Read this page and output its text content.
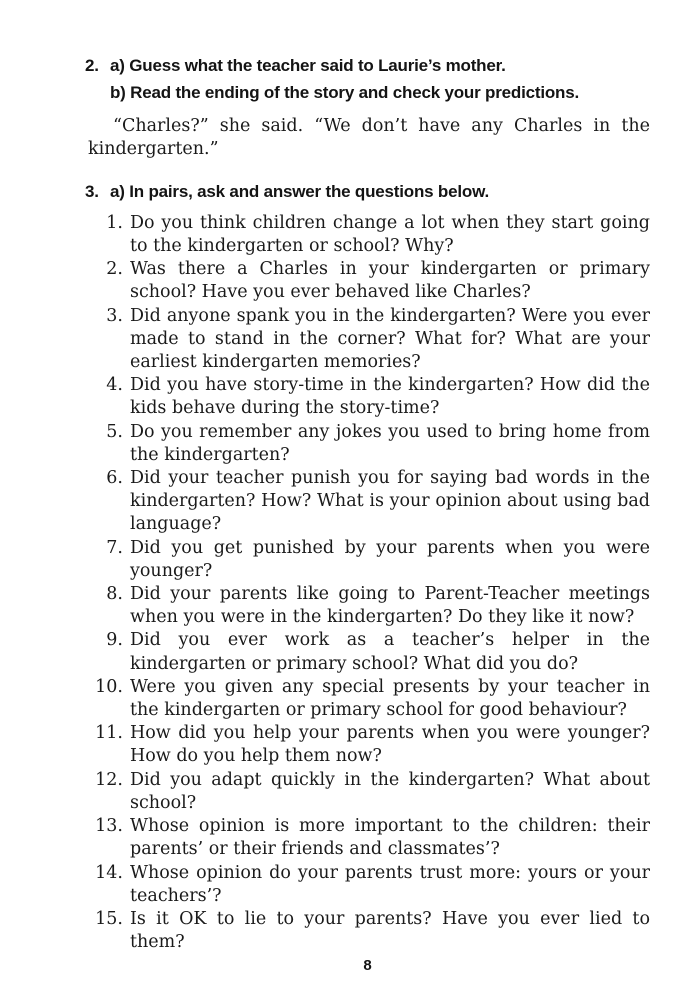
2. a) Guess what the teacher said to Laurie’s mother.
b) Read the ending of the story and check your predictions.

“Charles?” she said. “We don’t have any Charles in the kindergarten.”

3. a) In pairs, ask and answer the questions below.
1. Do you think children change a lot when they start going to the kindergarten or school? Why?
2. Was there a Charles in your kindergarten or primary school? Have you ever behaved like Charles?
3. Did anyone spank you in the kindergarten? Were you ever made to stand in the corner? What for? What are your earliest kindergarten memories?
4. Did you have story-time in the kindergarten? How did the kids behave during the story-time?
5. Do you remember any jokes you used to bring home from the kindergarten?
6. Did your teacher punish you for saying bad words in the kindergarten? How? What is your opinion about using bad language?
7. Did you get punished by your parents when you were younger?
8. Did your parents like going to Parent-Teacher meetings when you were in the kindergarten? Do they like it now?
9. Did you ever work as a teacher’s helper in the kindergarten or primary school? What did you do?
10. Were you given any special presents by your teacher in the kindergarten or primary school for good behaviour?
11. How did you help your parents when you were younger? How do you help them now?
12. Did you adapt quickly in the kindergarten? What about school?
13. Whose opinion is more important to the children: their parents’ or their friends and classmates’?
14. Whose opinion do your parents trust more: yours or your teachers’?
15. Is it OK to lie to your parents? Have you ever lied to them?
8
